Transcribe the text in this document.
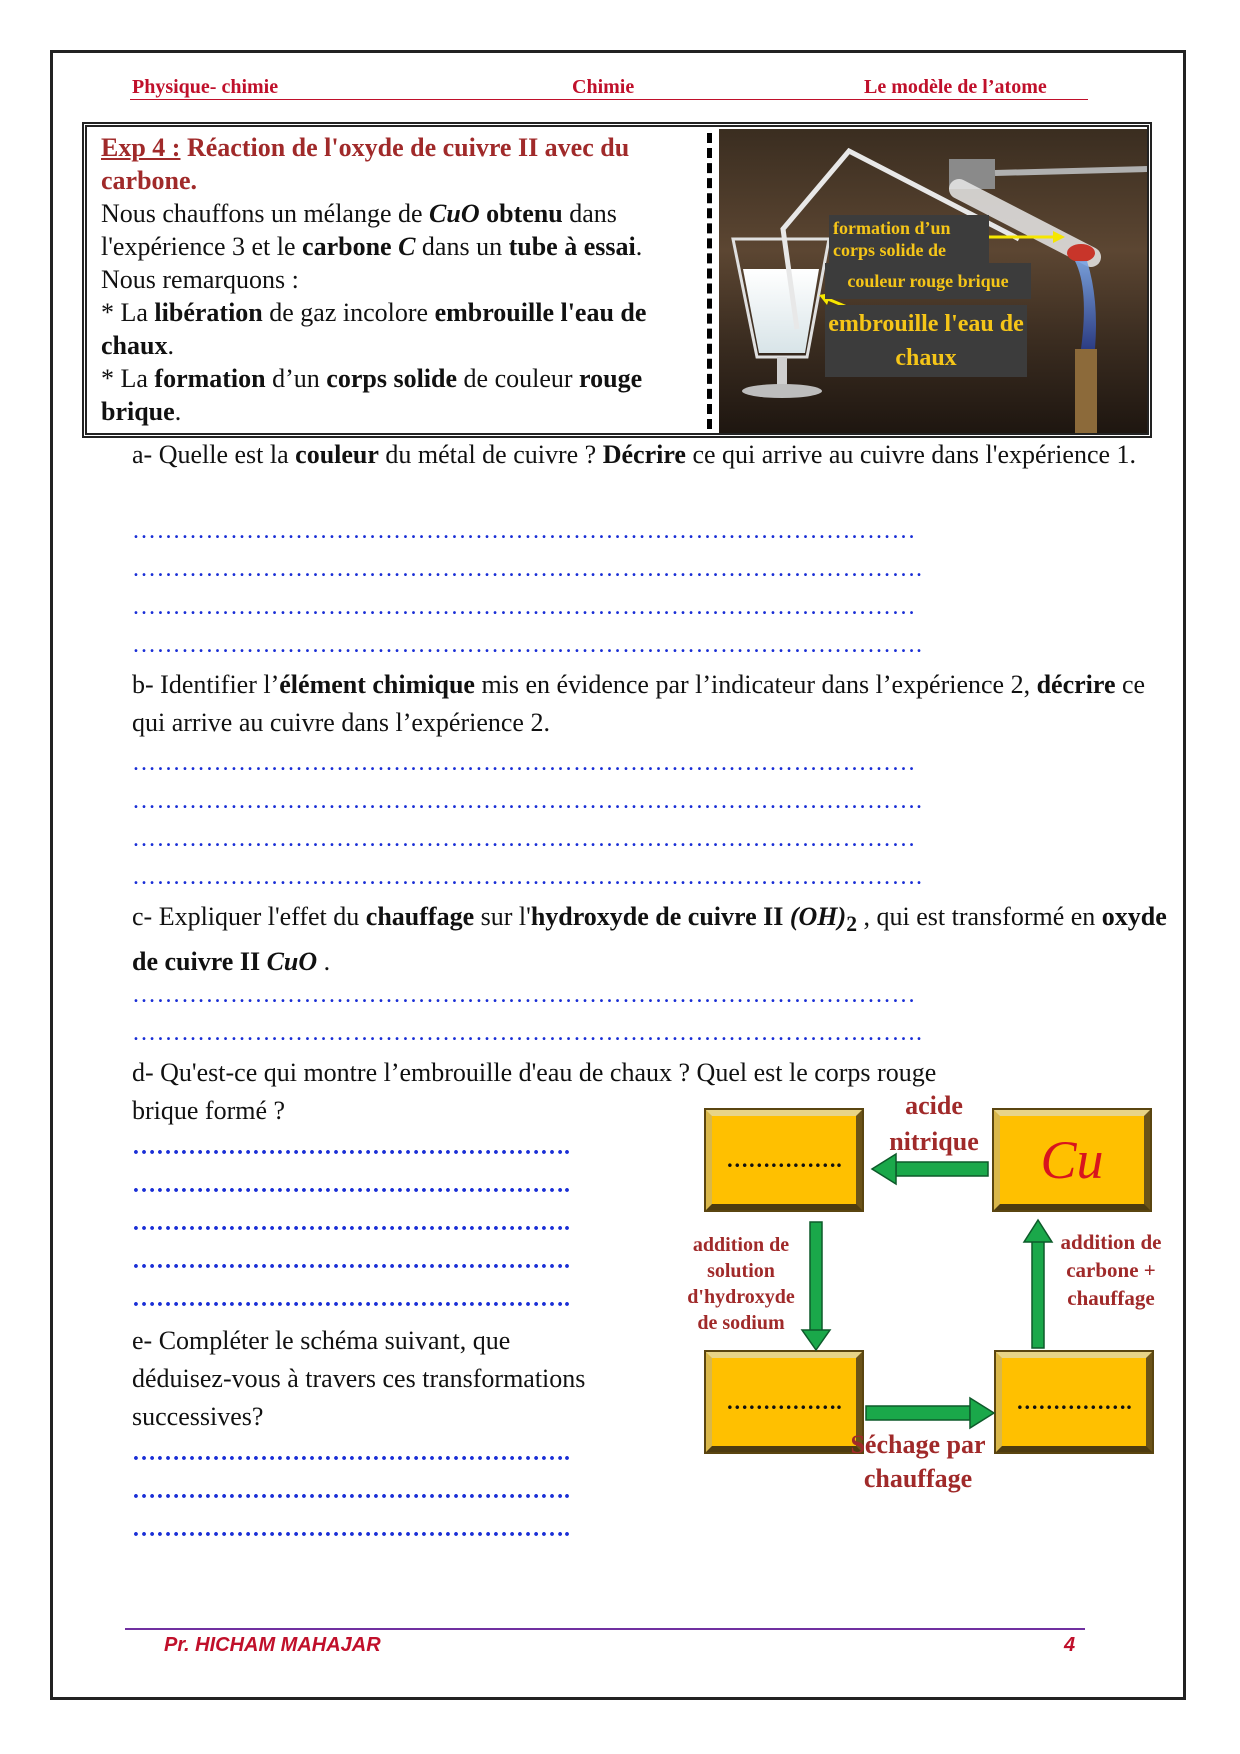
Physique- chimie	Chimie	Le modèle de l’atome
Exp 4 : Réaction de l'oxyde de cuivre II avec du carbone.
Nous chauffons un mélange de CuO obtenu dans l'expérience 3 et le carbone C dans un tube à essai.
Nous remarquons :
* La libération de gaz incolore embrouille l'eau de chaux.
* La formation d’un corps solide de couleur rouge brique.
formation d’un corps solide de
couleur rouge brique
embrouille l'eau de chaux
a- Quelle est la couleur du métal de cuivre ? Décrire ce qui arrive au cuivre dans l'expérience 1.
……………………………………………………………………………………
…………………………………………………………………………………….
……………………………………………………………………………………
…………………………………………………………………………………….
b- Identifier l’élément chimique mis en évidence par l’indicateur dans l’expérience 2, décrire ce qui arrive au cuivre dans l’expérience 2.
……………………………………………………………………………………
…………………………………………………………………………………….
……………………………………………………………………………………
…………………………………………………………………………………….
c- Expliquer l'effet du chauffage sur l'hydroxyde de cuivre II $(OH)_2$ , qui est transformé en oxyde de cuivre II CuO .
……………………………………………………………………………………
…………………………………………………………………………………….
d- Qu'est-ce qui montre l’embrouille d'eau de chaux ? Quel est le corps rouge
brique formé ?
……………………………………………….
……………………………………………….
……………………………………………….
……………………………………………….
……………………………………………….
e- Compléter le schéma suivant, que
déduisez-vous à travers ces transformations
successives?
……………………………………………….
……………………………………………….
……………………………………………….
…………….	Cu
…………….	…………….
acide nitrique
addition de solution d'hydroxyde de sodium
addition de carbone + chauffage
Séchage par chauffage
Pr. HICHAM MAHAJAR	4
